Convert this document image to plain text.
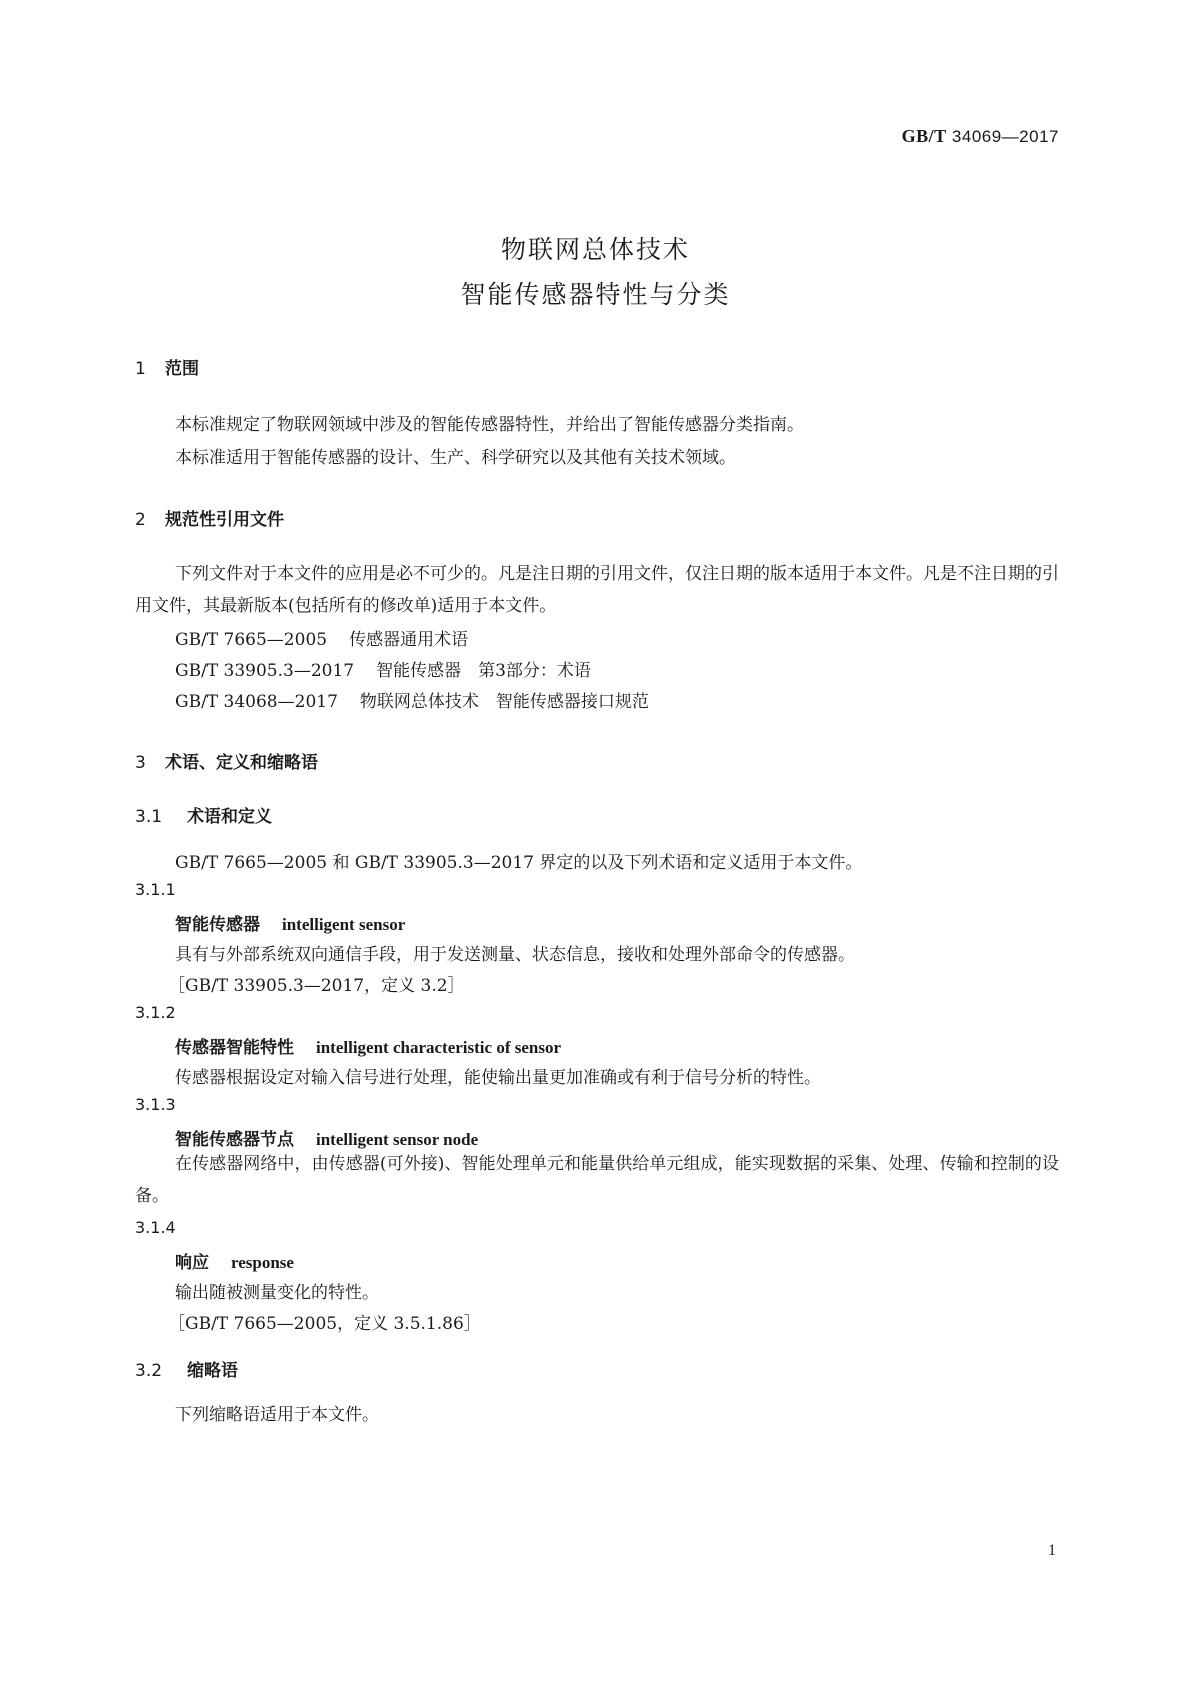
GB/T 34069—2017
物联网总体技术
智能传感器特性与分类
1 范围
本标准规定了物联网领域中涉及的智能传感器特性，并给出了智能传感器分类指南。
本标准适用于智能传感器的设计、生产、科学研究以及其他有关技术领域。
2 规范性引用文件
下列文件对于本文件的应用是必不可少的。凡是注日期的引用文件，仅注日期的版本适用于本文件。凡是不注日期的引用文件，其最新版本(包括所有的修改单)适用于本文件。
GB/T 7665—2005 传感器通用术语
GB/T 33905.3—2017 智能传感器　第3部分：术语
GB/T 34068—2017 物联网总体技术　智能传感器接口规范
3 术语、定义和缩略语
3.1 术语和定义
GB/T 7665—2005 和 GB/T 33905.3—2017 界定的以及下列术语和定义适用于本文件。
3.1.1
智能传感器 intelligent sensor
具有与外部系统双向通信手段，用于发送测量、状态信息，接收和处理外部命令的传感器。
［GB/T 33905.3—2017，定义 3.2］
3.1.2
传感器智能特性 intelligent characteristic of sensor
传感器根据设定对输入信号进行处理，能使输出量更加准确或有利于信号分析的特性。
3.1.3
智能传感器节点 intelligent sensor node
在传感器网络中，由传感器(可外接)、智能处理单元和能量供给单元组成，能实现数据的采集、处理、传输和控制的设备。
3.1.4
响应 response
输出随被测量变化的特性。
［GB/T 7665—2005，定义 3.5.1.86］
3.2 缩略语
下列缩略语适用于本文件。
1
